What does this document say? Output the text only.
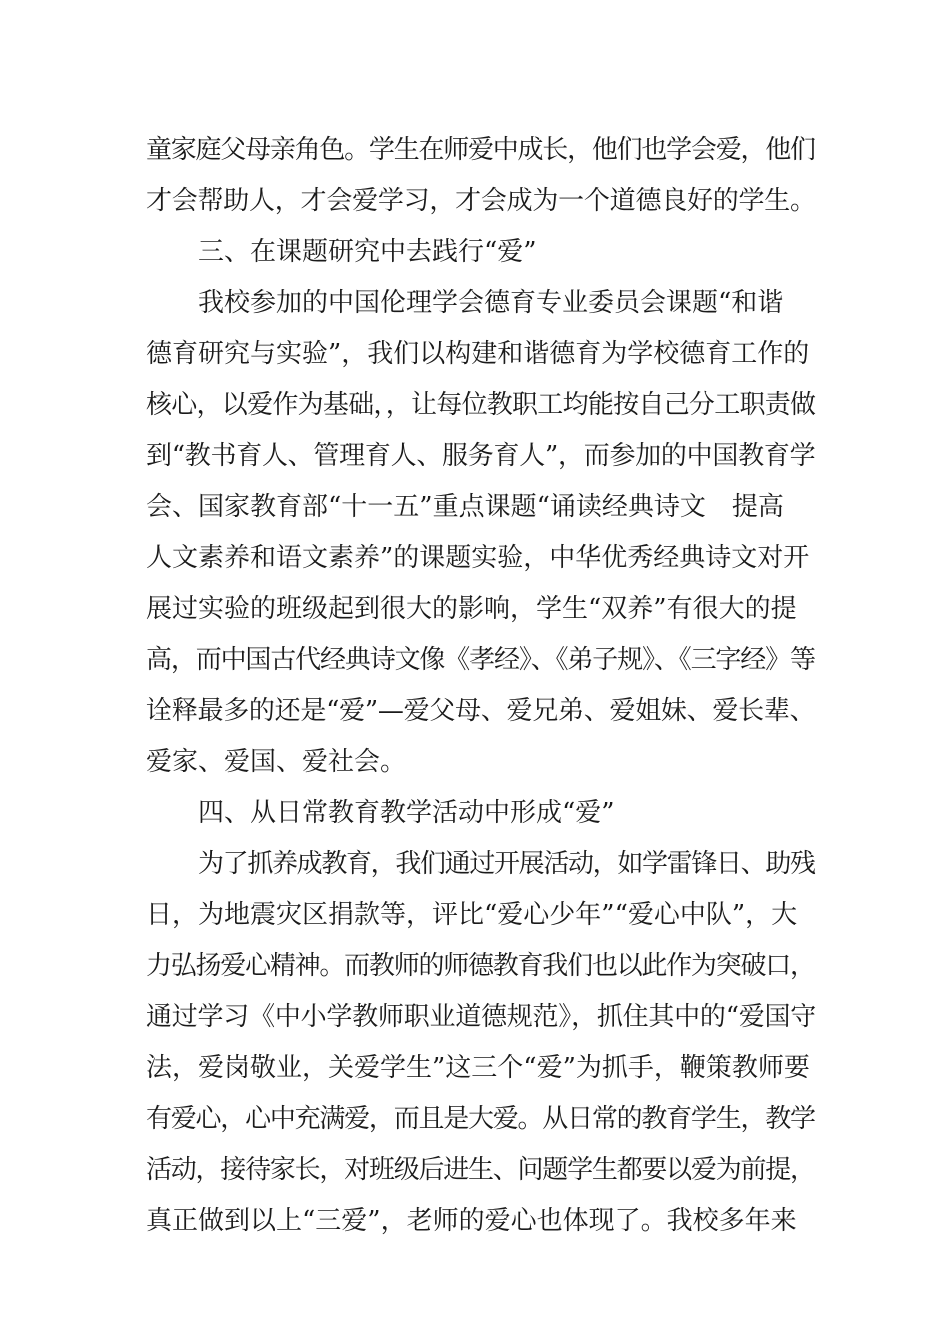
童家庭父母亲角色。学生在师爱中成长，他们也学会爱，他们
才会帮助人，才会爱学习，才会成为一个道德良好的学生。
三、在课题研究中去践行“爱”
我校参加的中国伦理学会德育专业委员会课题“和谐
德育研究与实验”，我们以构建和谐德育为学校德育工作的
核心，以爱作为基础，，让每位教职工均能按自己分工职责做
到“教书育人、管理育人、服务育人”，而参加的中国教育学
会、国家教育部“十一五”重点课题“诵读经典诗文　提高
人文素养和语文素养”的课题实验，中华优秀经典诗文对开
展过实验的班级起到很大的影响，学生“双养”有很大的提
高，而中国古代经典诗文像《孝经》、《弟子规》、《三字经》等
诠释最多的还是“爱”—爱父母、爱兄弟、爱姐妹、爱长辈、
爱家、爱国、爱社会。
四、从日常教育教学活动中形成“爱”
为了抓养成教育，我们通过开展活动，如学雷锋日、助残
日，为地震灾区捐款等，评比“爱心少年”“爱心中队”，大
力弘扬爱心精神。而教师的师德教育我们也以此作为突破口，
通过学习《中小学教师职业道德规范》，抓住其中的“爱国守
法，爱岗敬业，关爱学生”这三个“爱”为抓手，鞭策教师要
有爱心，心中充满爱，而且是大爱。从日常的教育学生，教学
活动，接待家长，对班级后进生、问题学生都要以爱为前提，
真正做到以上“三爱”，老师的爱心也体现了。我校多年来
